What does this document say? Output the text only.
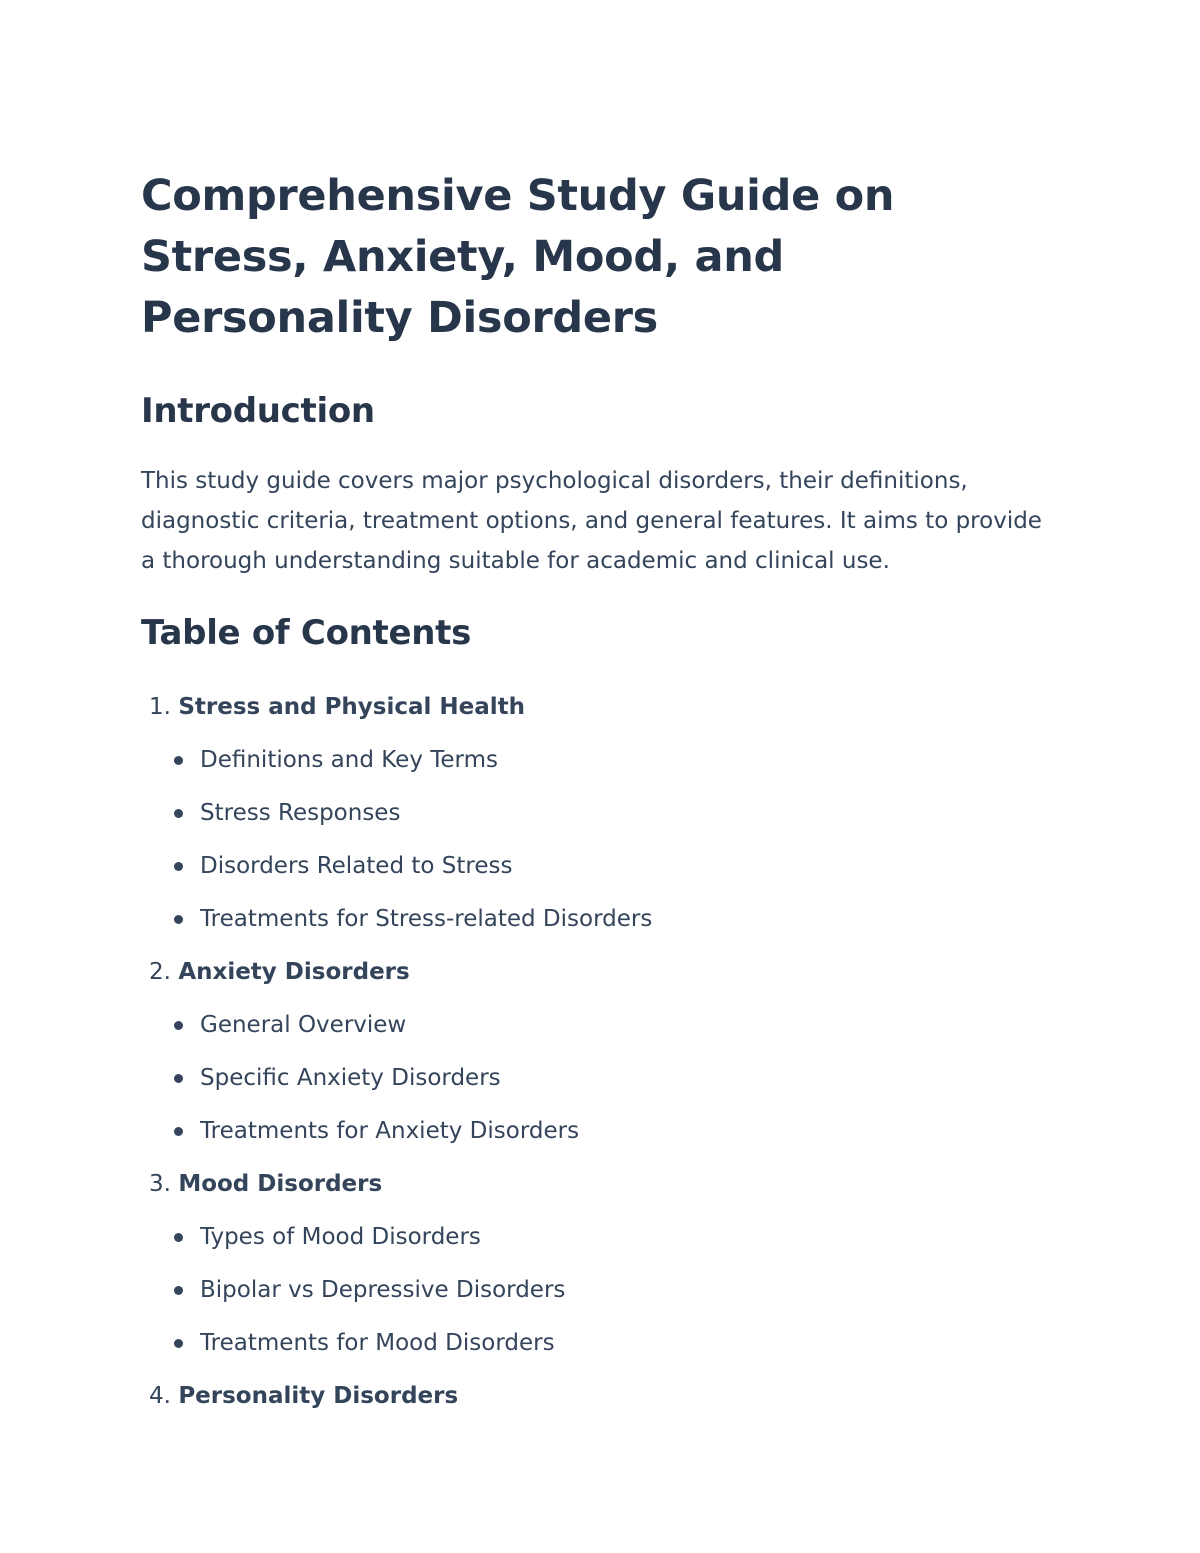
Comprehensive Study Guide on Stress, Anxiety, Mood, and Personality Disorders
Introduction

This study guide covers major psychological disorders, their definitions, diagnostic criteria, treatment options, and general features. It aims to provide a thorough understanding suitable for academic and clinical use.

Table of Contents
1. Stress and Physical Health
Definitions and Key Terms
Stress Responses
Disorders Related to Stress
Treatments for Stress-related Disorders
2. Anxiety Disorders
General Overview
Specific Anxiety Disorders
Treatments for Anxiety Disorders
3. Mood Disorders
Types of Mood Disorders
Bipolar vs Depressive Disorders
Treatments for Mood Disorders
4. Personality Disorders
